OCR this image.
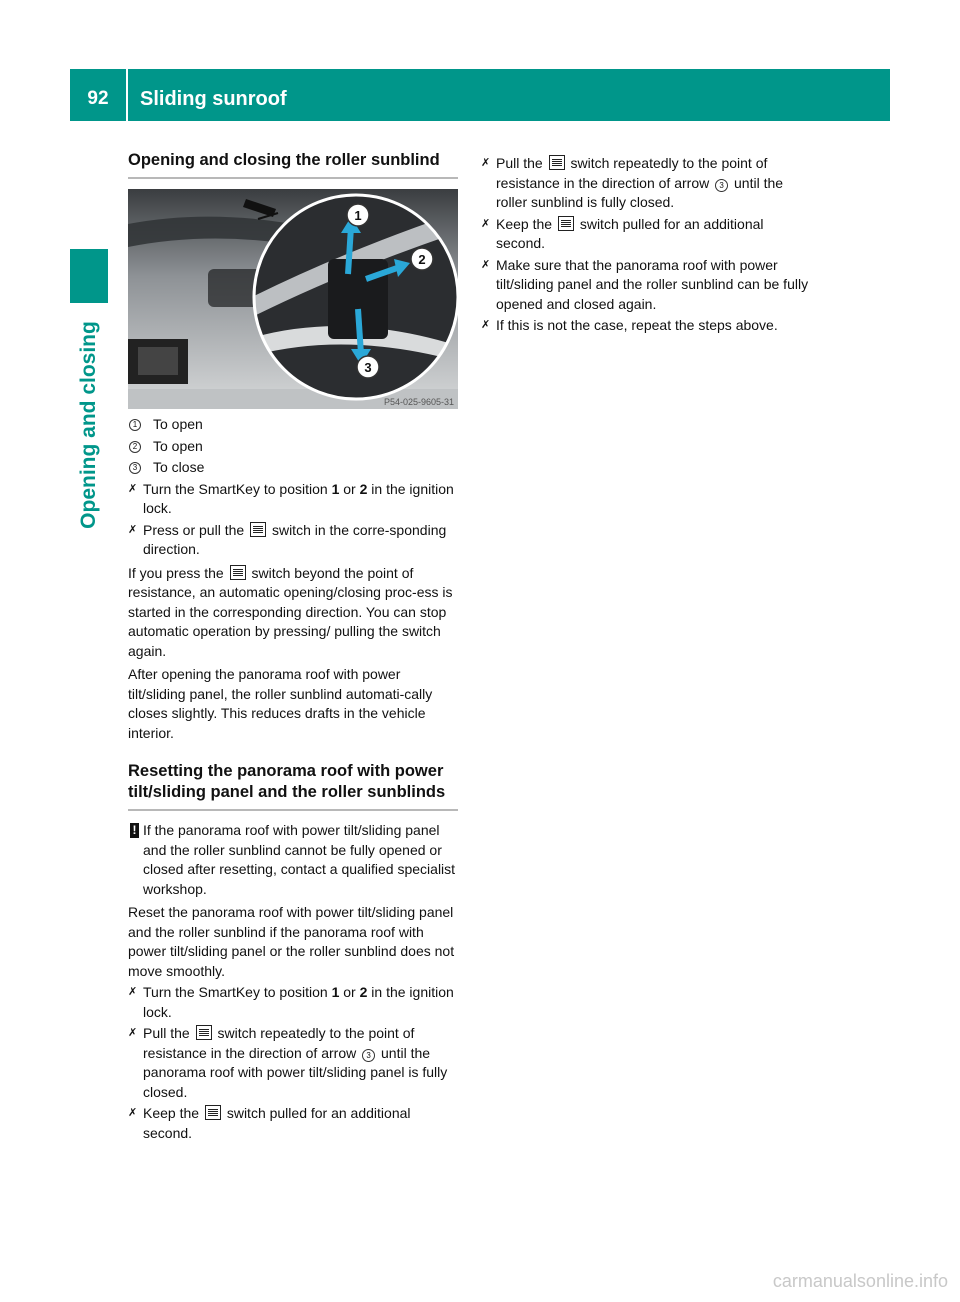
92	Sliding sunroof
Opening and closing
Opening and closing the roller sunblind
1
2
3
P54-025-9605-31
1 To open
2 To open
3 To close
✗ Turn the SmartKey to position 1 or 2 in the ignition lock.
✗ Press or pull the  switch in the corre-sponding direction.

If you press the  switch beyond the point of resistance, an automatic opening/closing proc-ess is started in the corresponding direction. You can stop automatic operation by pressing/ pulling the switch again.

After opening the panorama roof with power tilt/sliding panel, the roller sunblind automati-cally closes slightly. This reduces drafts in the vehicle interior.

Resetting the panorama roof with power tilt/sliding panel and the roller sunblinds
! If the panorama roof with power tilt/sliding panel and the roller sunblind cannot be fully opened or closed after resetting, contact a qualified specialist workshop.

Reset the panorama roof with power tilt/sliding panel and the roller sunblind if the panorama roof with power tilt/sliding panel or the roller sunblind does not move smoothly.

✗ Turn the SmartKey to position 1 or 2 in the ignition lock.
✗ Pull the  switch repeatedly to the point of resistance in the direction of arrow 3 until the panorama roof with power tilt/sliding panel is fully closed.
✗ Keep the  switch pulled for an additional second.
✗ Pull the  switch repeatedly to the point of resistance in the direction of arrow 3 until the roller sunblind is fully closed.
✗ Keep the  switch pulled for an additional second.
✗ Make sure that the panorama roof with power tilt/sliding panel and the roller sunblind can be fully opened and closed again.
✗ If this is not the case, repeat the steps above.
carmanualsonline.info
